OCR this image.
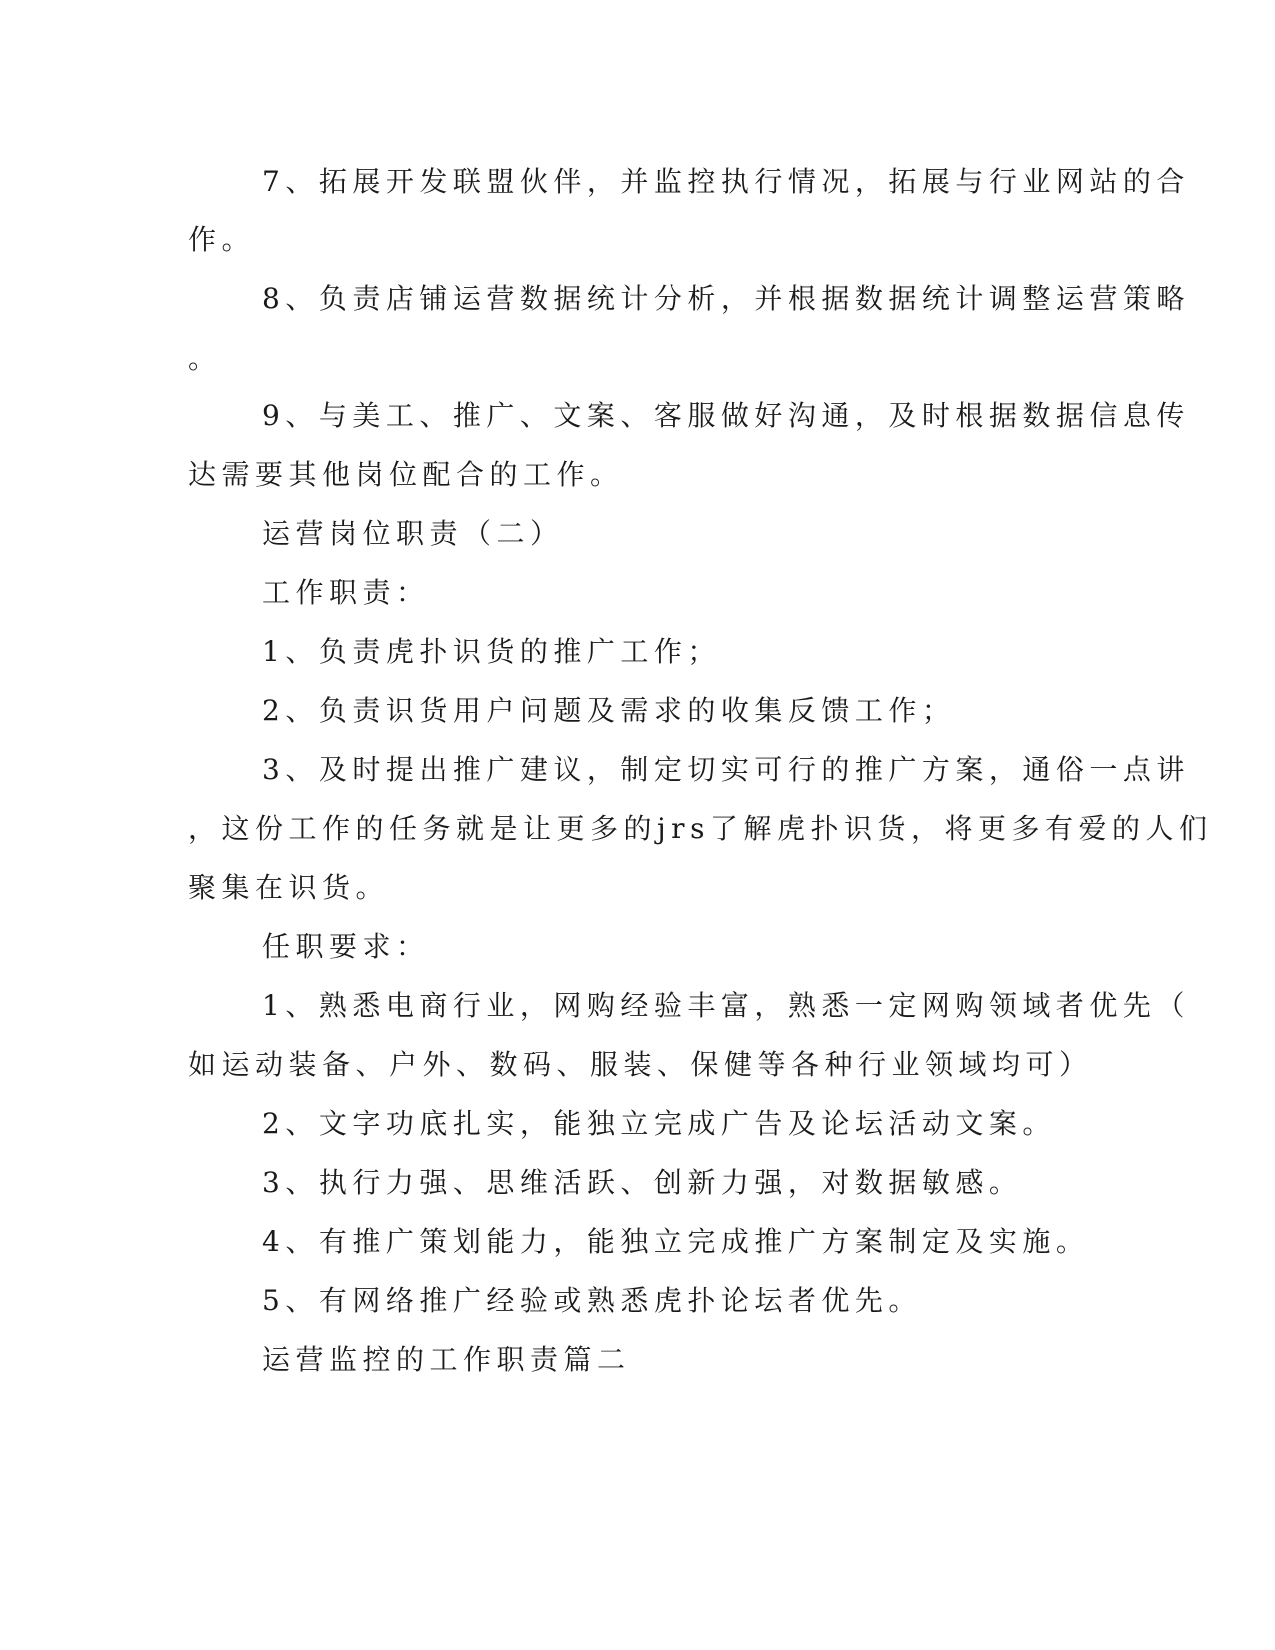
7、拓展开发联盟伙伴，并监控执行情况，拓展与行业网站的合
作。
8、负责店铺运营数据统计分析，并根据数据统计调整运营策略
。
9、与美工、推广、文案、客服做好沟通，及时根据数据信息传
达需要其他岗位配合的工作。
运营岗位职责（二）
工作职责：
1、负责虎扑识货的推广工作；
2、负责识货用户问题及需求的收集反馈工作；
3、及时提出推广建议，制定切实可行的推广方案，通俗一点讲
，这份工作的任务就是让更多的jrs了解虎扑识货，将更多有爱的人们
聚集在识货。
任职要求：
1、熟悉电商行业，网购经验丰富，熟悉一定网购领域者优先（
如运动装备、户外、数码、服装、保健等各种行业领域均可）
2、文字功底扎实，能独立完成广告及论坛活动文案。
3、执行力强、思维活跃、创新力强，对数据敏感。
4、有推广策划能力，能独立完成推广方案制定及实施。
5、有网络推广经验或熟悉虎扑论坛者优先。
运营监控的工作职责篇二
